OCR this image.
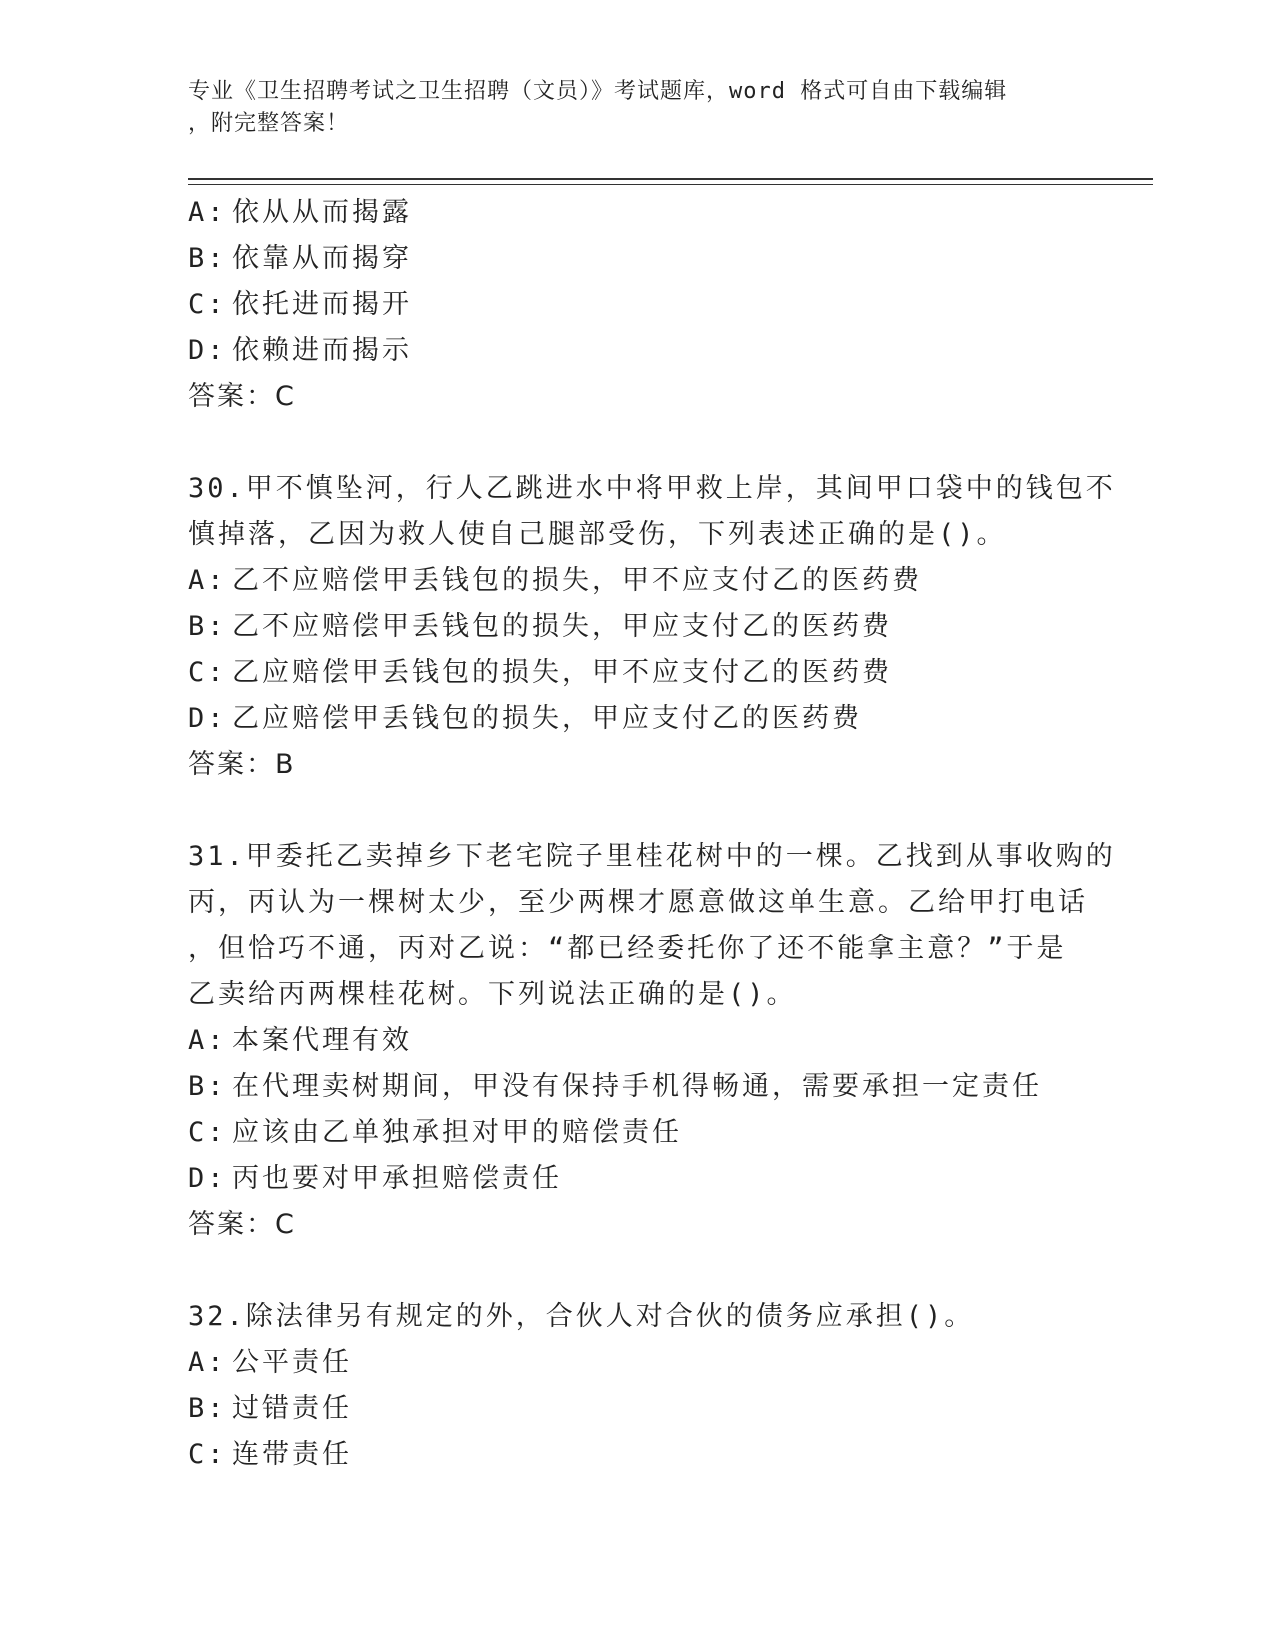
专业《卫生招聘考试之卫生招聘（文员）》考试题库，word 格式可自由下载编辑
，附完整答案！
A: 依从从而揭露
B: 依靠从而揭穿
C: 依托进而揭开
D: 依赖进而揭示
答案：C
30.甲不慎坠河，行人乙跳进水中将甲救上岸，其间甲口袋中的钱包不
慎掉落，乙因为救人使自己腿部受伤，下列表述正确的是()。
A: 乙不应赔偿甲丢钱包的损失，甲不应支付乙的医药费
B: 乙不应赔偿甲丢钱包的损失，甲应支付乙的医药费
C: 乙应赔偿甲丢钱包的损失，甲不应支付乙的医药费
D: 乙应赔偿甲丢钱包的损失，甲应支付乙的医药费
答案：B
31.甲委托乙卖掉乡下老宅院子里桂花树中的一棵。乙找到从事收购的
丙，丙认为一棵树太少，至少两棵才愿意做这单生意。乙给甲打电话
，但恰巧不通，丙对乙说：“都已经委托你了还不能拿主意？”于是
乙卖给丙两棵桂花树。下列说法正确的是()。
A: 本案代理有效
B: 在代理卖树期间，甲没有保持手机得畅通，需要承担一定责任
C: 应该由乙单独承担对甲的赔偿责任
D: 丙也要对甲承担赔偿责任
答案：C
32.除法律另有规定的外，合伙人对合伙的债务应承担()。
A: 公平责任
B: 过错责任
C: 连带责任
